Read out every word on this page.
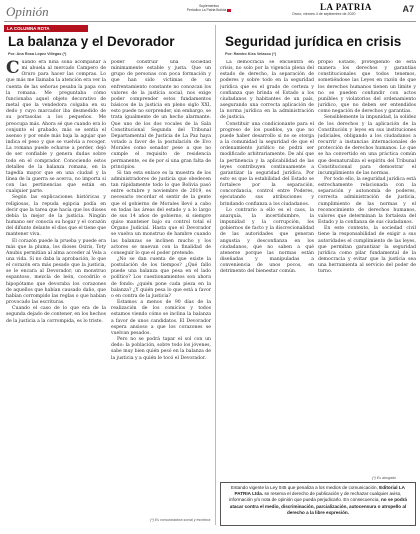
Opinión	Suplementos
Periódico La Patria Bolivia	LA PATRIA
Oruro, viernes 4 de septiembre de 2020	A7
LA COLUMNA ROTA
La balanza y el Devorador
Por: Ana Rosa López Villegas (*)
Seguridad jurídica en crisis
Por: Ramiro Kiss Velasco (*)

Cuando era niña solía acompañar a mi abuela al mercado Campero de Oruro para hacer las compras. Lo que más me llamaba la atención era ver la cuenta de las señoras pesaba la papa con la romana. Me preguntaba cómo funcionaba aquel objeto decorativo de metal que la vendedora colgaba en su dedo y cuyo marcador iba desmedido de su portasolas a los pequeños. Me preocupa más. Ahora sé que cuando era lo conjunto el grabado, más se sentía el asenso y por ende más baja la agujar que indica el peso y que se vuelvía a recoger. La romana puede echarse a perder, dejó de ser confiable y genera dudas sobre todo en el comprador. Conociendo estos detalles de la balanza romana, en la tagedía mayor que en una ciudad y la línea de la guerra se acerca, no importa si con las pertinencias que están en cualquier parte.

Según las explicaciones históricas y religiosas, la repuda egipcia podía en decir que la tarea que hacía que los dioses debía la mejor de la justicia. Ningún humano ser conocía su hogar y el corazón del difunto delante el dios que el tiene que mantener viva.

El corazón puede la prueba y puede era más que la pluma, los dioses Osiris, Toty Anubis permitían al alma acceder al Vela a una vida. Si no daba la aprobación, lo que el corazón era más pesado que la justicia, se le encara al Devorador, un monstruo espantoso, mezcla de león, cocodrilo e hipopótamo que devoraba los corazones de aquellos que habían causado daño, que habían corrompido las reglas o que habían provocado las escrituras.

Cuando el caso de lo que era de la segunda dejado de contener, en los hechos de la justicia a la corrompida, es lo triste.

poder construir una sociedad mínimamente estable y justa. Que un grupo de personas con poca formación y que han sido víctimas de un enfrentamiento constante no conozcan los valores de la justicia social, nos exige poder comprender estos fundamentos básicos de la justicia en pleno siglo XXI, esto puede no sorprender, sin embargo, se trata igualmente de un hecho alarmante. Que uno de los dos vocales de la Sala Constitucional Segunda del Tribunal Departamental de Justicia de La Paz haya votado a favor de la postulación de Evo Morales como senador pese a que no cumple el requisito de residencia permanente, es de por sí una gran falta de principios.

Si tan esta enlace es la muestra de los administradores de justicia que obedecen tan rápidamente todo lo que Bolivia pasó entre octubre y noviembre de 2019, es necesario recordar el sentir de la gente que el gobierno de Morales llevó a cabo en todas las áreas del estado y a lo largo de sus 14 años de gobierno, si siempre quiso mantener bajo su control total el Órgano Judicial. Hasta que el Devorador se vuelva un monstruo de hambre cuando las balanzas se inclinen mucho y los actores se muevan con la finalidad de conseguir lo que el poder pretende.

¿No se dan cuenta de que existe la postulación de los tiempos? ¿Qué fallo puede una balanza que pesa en el lado político? Los cuestionamientos son ahora de fondo: ¿quién pone cada pieza en la balanza? ¿Y quién pesa lo que está a favor o en contra de la justicia?

Estamos a menos de 90 días de la realización de los comicios y todos estamos viendo cómo se inclina la balanza a favor de unos candidatos. El Devorador espera ansioso a que los corazones se vuelvan pesados.

Pero no se podrá tapar el sol con un dedo: la población, sobre todo los jóvenes, sabe muy bien quién pesó en la balanza de la justicia y a quién le tocó el Devorador.

(*) Es comunicadora social y escritora

La democracia se encuentra en crisis, no solo por la vigencia plena del estado de derecho, la separación de poderes y sobre todo en la seguridad jurídica que es el grado de certeza y confianza que brinda el Estado a los ciudadanos y habitantes de un país, asegurando una correcta aplicación de la norma jurídica en la administración de justicia.

Constituir una condicionante para el progreso de los pueblos, ya que no puede haber desarrollo si no se otorga a la comunidad la seguridad de que el ordenamiento jurídico no podrá ser modificado arbitrariamente. De ahí que la pertinencia y la aplicabilidad de las leyes contribuyen continuamente a garantizar la seguridad jurídica. Por esto es que la estabilidad del Estado se fortalece por la separación, concordancia, control entre Poderes, ejecutando sus atribuciones y brindando confianza a los ciudadanos.

Lo contrario a ello es el caos, la anarquía, la incertidumbre, la impunidad y la corrupción, los gobiernos de facto y la discrecionalidad de las autoridades que generan angustia y desconfianza en los ciudadanos, que no saben a qué atenerse porque las normas están diseñadas y manipuladas a conveniencia de unos pocos, en detrimento del bienestar común.

propio Estado, protegiendo de esta manera los derechos y garantías constitucionales que todos tenemos, sometiéndose las Leyes en razón de que los derechos humanos tienen un límite y no se pueden confundir con actos punibles y violatorios del ordenamiento jurídico, que no deben ser entendidos como negación de derechos y garantías.

Sensiblemente la impunidad, la solidez de los derechos y la aplicación de la Constitución y leyes en sus instituciones judiciales, obligando a los ciudadanos a recurrir a instancias internacionales de protección de derechos humanos. Lo que se ha convertido en una práctica común que desnaturaliza el espíritu del Tribunal Constitucional para demostrar el incumplimiento de las normas.

Por todo ello, la seguridad jurídica está estrechamente relacionada con la separación y autonomía de poderes, correcta administración de justicia, cumplimiento de las normas y el reconocimiento de derechos humanos, valores que determinan la fortaleza del Estado y la confianza de sus ciudadanos.

En este contexto, la sociedad civil tiene la responsabilidad de exigir a sus autoridades el cumplimiento de las leyes, que permitan garantizar la seguridad jurídica como pilar fundamental de la democracia y evitar que la justicia sea una herramienta al servicio del poder de turno.

(*) Es abogado
Estando vigente la Ley 045 que penaliza a los medios de comunicación, Editorial LA PATRIA Ltda. se reserva el derecho de publicación y de rechazar cualquier aviso, información y/o nota de opinión que pueda perjudicarlo. En consecuencia, no se podrá atacar contra el medio, discriminación, parcialización, autocensura o atropello al derecho a la libre expresión.
